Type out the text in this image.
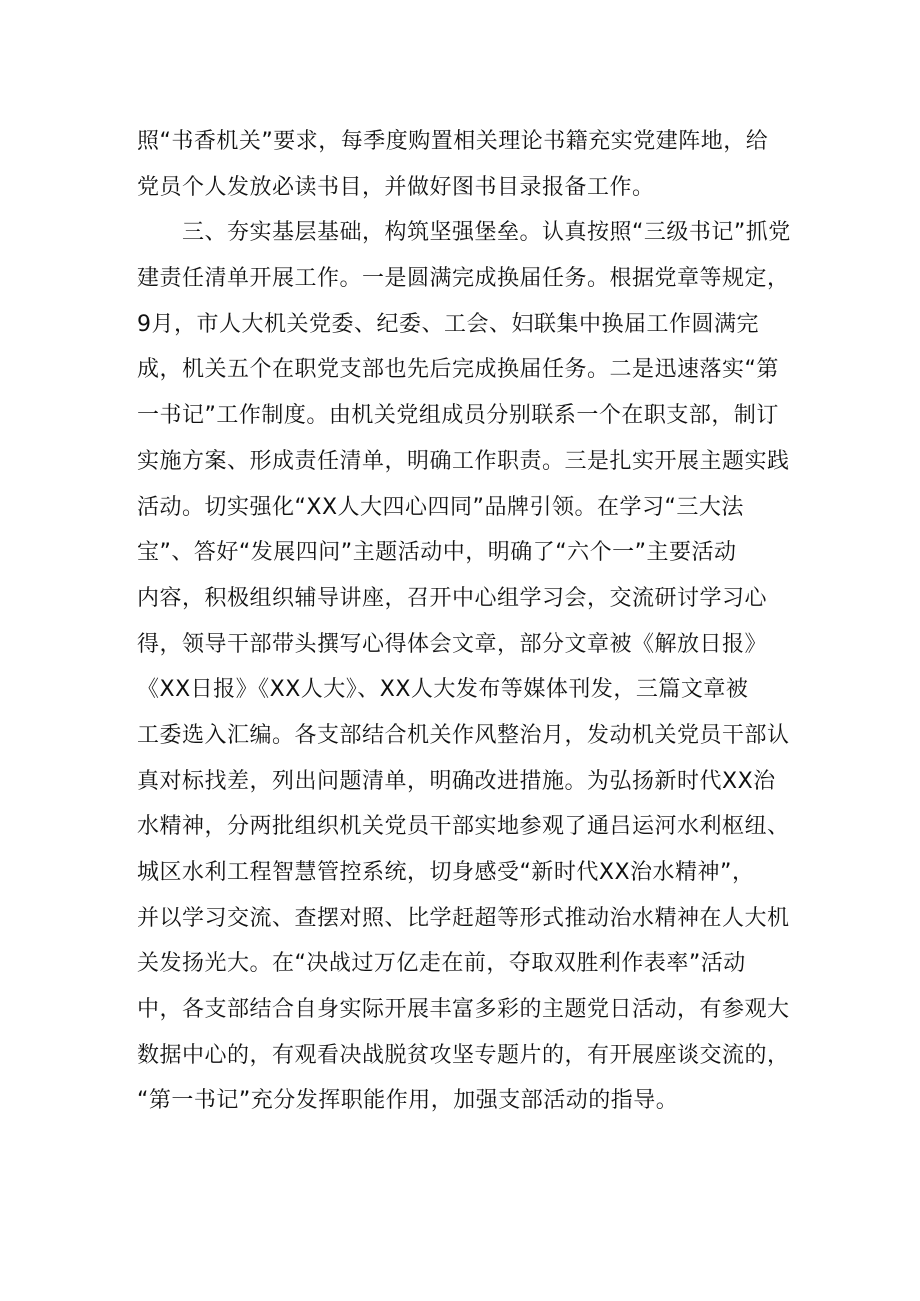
照“书香机关”要求，每季度购置相关理论书籍充实党建阵地，给
党员个人发放必读书目，并做好图书目录报备工作。
　　三、夯实基层基础，构筑坚强堡垒。认真按照“三级书记”抓党
建责任清单开展工作。一是圆满完成换届任务。根据党章等规定，
9月，市人大机关党委、纪委、工会、妇联集中换届工作圆满完
成，机关五个在职党支部也先后完成换届任务。二是迅速落实“第
一书记”工作制度。由机关党组成员分别联系一个在职支部，制订
实施方案、形成责任清单，明确工作职责。三是扎实开展主题实践
活动。切实强化“XX人大四心四同”品牌引领。在学习“三大法
宝”、答好“发展四问”主题活动中，明确了“六个一”主要活动
内容，积极组织辅导讲座，召开中心组学习会，交流研讨学习心
得，领导干部带头撰写心得体会文章，部分文章被《解放日报》
《XX日报》《XX人大》、XX人大发布等媒体刊发，三篇文章被
工委选入汇编。各支部结合机关作风整治月，发动机关党员干部认
真对标找差，列出问题清单，明确改进措施。为弘扬新时代XX治
水精神，分两批组织机关党员干部实地参观了通吕运河水利枢纽、
城区水利工程智慧管控系统，切身感受“新时代XX治水精神”，
并以学习交流、查摆对照、比学赶超等形式推动治水精神在人大机
关发扬光大。在“决战过万亿走在前，夺取双胜利作表率”活动
中，各支部结合自身实际开展丰富多彩的主题党日活动，有参观大
数据中心的，有观看决战脱贫攻坚专题片的，有开展座谈交流的，
“第一书记”充分发挥职能作用，加强支部活动的指导。
